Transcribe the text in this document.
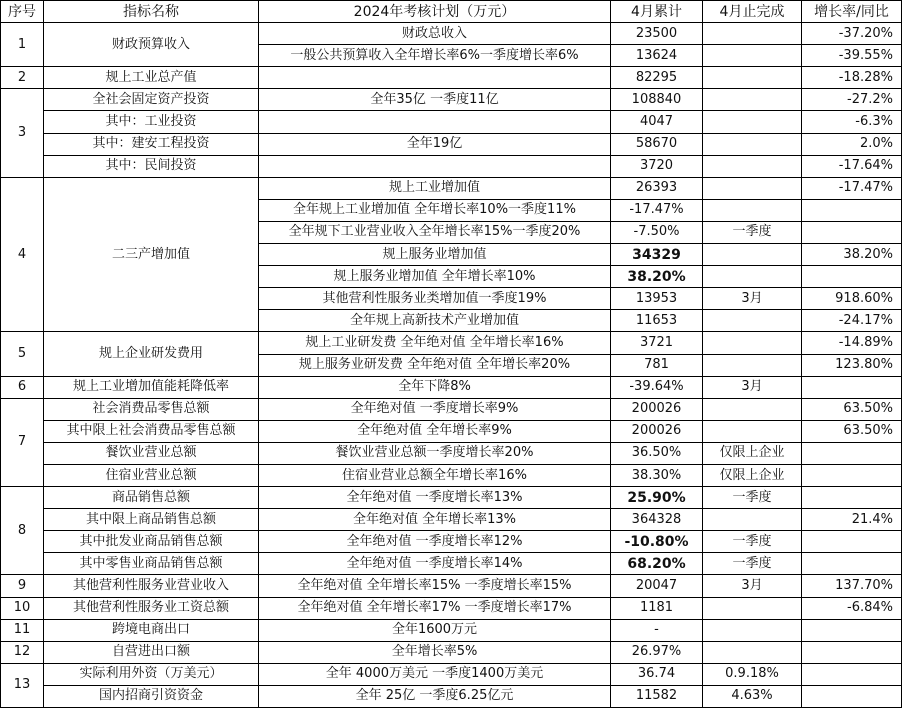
序号	指标名称	2024年考核计划（万元）	4月累计	4月止完成	增长率/同比
1	财政预算收入	财政总收入	23500		-37.20%
		一般公共预算收入全年增长率6%一季度增长率6%	13624		-39.55%
2	规上工业总产值		82295		-18.28%
3	全社会固定资产投资	全年35亿 一季度11亿	108840		-27.2%
	其中：工业投资		4047		-6.3%
	其中：建安工程投资	全年19亿	58670		2.0%
	其中：民间投资		3720		-17.64%
4	二三产增加值	规上工业增加值	26393		-17.47%
		全年规上工业增加值 全年增长率10%一季度11%	-17.47%		
		全年规下工业营业收入全年增长率15%一季度20%	-7.50%	一季度	
		规上服务业增加值	34329		38.20%
		规上服务业增加值 全年增长率10%	38.20%		
		其他营利性服务业类增加值一季度19%	13953	3月	918.60%
		全年规上高新技术产业增加值	11653		-24.17%
5	规上企业研发费用	规上工业研发费 全年绝对值 全年增长率16%	3721		-14.89%
		规上服务业研发费 全年绝对值 全年增长率20%	781		123.80%
6	规上工业增加值能耗降低率	全年下降8%	-39.64%	3月	
7	社会消费品零售总额	全年绝对值 一季度增长率9%	200026		63.50%
	其中限上社会消费品零售总额	全年绝对值 全年增长率9%	200026		63.50%
	餐饮业营业总额	餐饮业营业总额一季度增长率20%	36.50%	仅限上企业	
	住宿业营业总额	住宿业营业总额全年增长率16%	38.30%	仅限上企业	
8	商品销售总额	全年绝对值 一季度增长率13%	25.90%	一季度	
	其中限上商品销售总额	全年绝对值 全年增长率13%	364328		21.4%
	其中批发业商品销售总额	全年绝对值 一季度增长率12%	-10.80%	一季度	
	其中零售业商品销售总额	全年绝对值 一季度增长率14%	68.20%	一季度	
9	其他营利性服务业营业收入	全年绝对值 全年增长率15% 一季度增长率15%	20047	3月	137.70%
10	其他营利性服务业工资总额	全年绝对值 全年增长率17% 一季度增长率17%	1181		-6.84%
11	跨境电商出口	全年1600万元	-		
12	自营进出口额	全年增长率5%	26.97%		
13	实际利用外资（万美元）	全年 4000万美元 一季度1400万美元	36.74	0.9.18%	
	国内招商引资资金	全年 25亿 一季度6.25亿元	11582	4.63%	
